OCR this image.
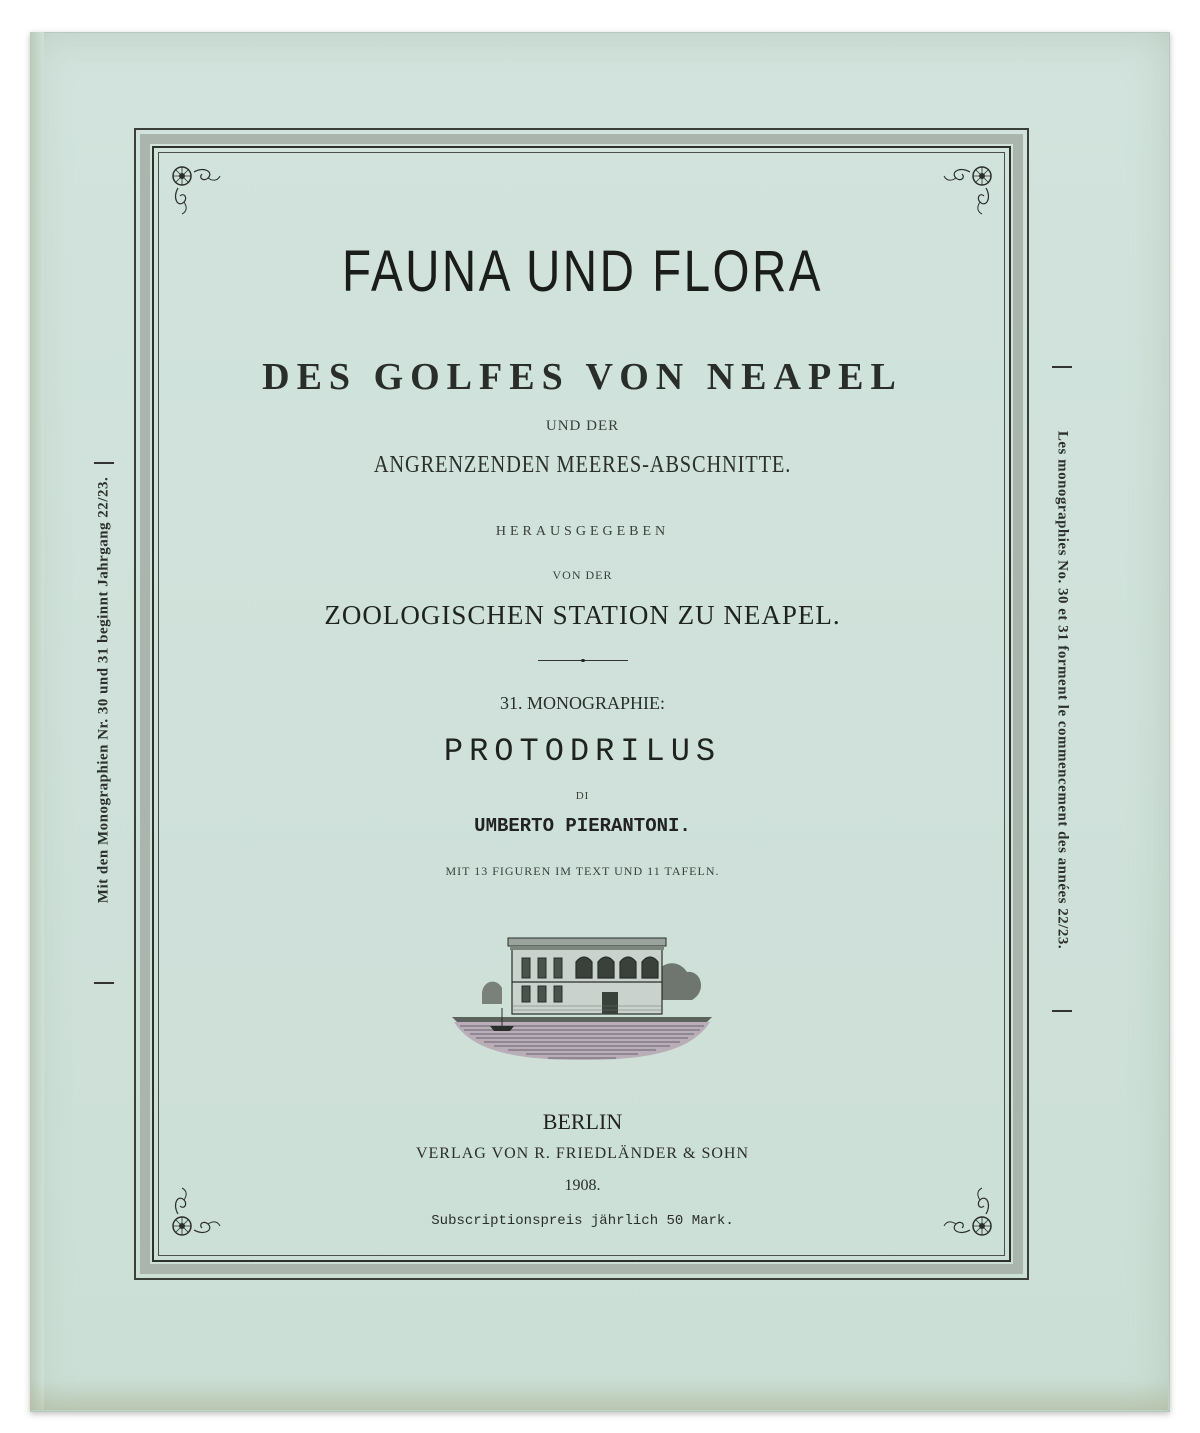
FAUNA UND FLORA
DES GOLFES VON NEAPEL
UND DER
ANGRENZENDEN MEERES-ABSCHNITTE.
HERAUSGEGEBEN
VON DER
ZOOLOGISCHEN STATION ZU NEAPEL.
31. MONOGRAPHIE:
PROTODRILUS
DI
UMBERTO PIERANTONI.
MIT 13 FIGUREN IM TEXT UND 11 TAFELN.
BERLIN
VERLAG VON R. FRIEDLÄNDER & SOHN
1908.
Subscriptionspreis jährlich 50 Mark.
Mit den Monographien Nr. 30 und 31 beginnt Jahrgang 22/23.	Les monographies No. 30 et 31 forment le commencement des années 22/23.
